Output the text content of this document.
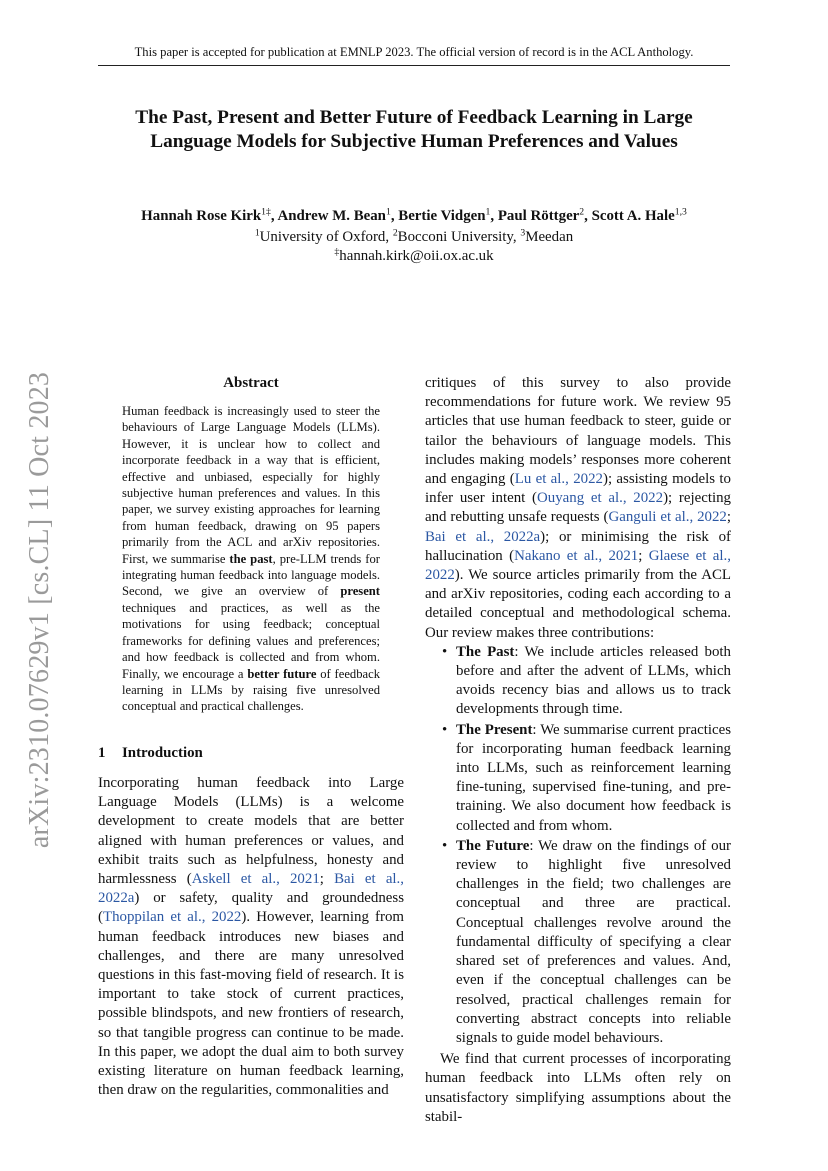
This paper is accepted for publication at EMNLP 2023. The official version of record is in the ACL Anthology.
The Past, Present and Better Future of Feedback Learning in Large
Language Models for Subjective Human Preferences and Values
Hannah Rose Kirk$^{1\ddagger}$, Andrew M. Bean$^1$, Bertie Vidgen$^1$, Paul Röttger$^2$, Scott A. Hale$^{1,3}$
$^1$University of Oxford, $^2$Bocconi University, $^3$Meedan
‡hannah.kirk@oii.ox.ac.uk
arXiv:2310.07629v1 [cs.CL] 11 Oct 2023	Abstract

Human feedback is increasingly used to steer the behaviours of Large Language Models (LLMs). However, it is unclear how to collect and incorporate feedback in a way that is efficient, effective and unbiased, especially for highly subjective human preferences and values. In this paper, we survey existing approaches for learning from human feedback, drawing on 95 papers primarily from the ACL and arXiv repositories. First, we summarise the past, pre-LLM trends for integrating human feedback into language models. Second, we give an overview of present techniques and practices, as well as the motivations for using feedback; conceptual frameworks for defining values and preferences; and how feedback is collected and from whom. Finally, we encourage a better future of feedback learning in LLMs by raising five unresolved conceptual and practical challenges.

1 Introduction

Incorporating human feedback into Large Language Models (LLMs) is a welcome development to create models that are better aligned with human preferences or values, and exhibit traits such as helpfulness, honesty and harmlessness (Askell et al., 2021; Bai et al., 2022a) or safety, quality and groundedness (Thoppilan et al., 2022). However, learning from human feedback introduces new biases and challenges, and there are many unresolved questions in this fast-moving field of research. It is important to take stock of current practices, possible blindspots, and new frontiers of research, so that tangible progress can continue to be made. In this paper, we adopt the dual aim to both survey existing literature on human feedback learning, then draw on the regularities, commonalities and

critiques of this survey to also provide recommendations for future work. We review 95 articles that use human feedback to steer, guide or tailor the behaviours of language models. This includes making models’ responses more coherent and engaging (Lu et al., 2022); assisting models to infer user intent (Ouyang et al., 2022); rejecting and rebutting unsafe requests (Ganguli et al., 2022; Bai et al., 2022a); or minimising the risk of hallucination (Nakano et al., 2021; Glaese et al., 2022). We source articles primarily from the ACL and arXiv repositories, coding each according to a detailed conceptual and methodological schema. Our review makes three contributions:

• The Past: We include articles released both before and after the advent of LLMs, which avoids recency bias and allows us to track developments through time.
• The Present: We summarise current practices for incorporating human feedback learning into LLMs, such as reinforcement learning fine-tuning, supervised fine-tuning, and pre-training. We also document how feedback is collected and from whom.
• The Future: We draw on the findings of our review to highlight five unresolved challenges in the field; two challenges are conceptual and three are practical. Conceptual challenges revolve around the fundamental difficulty of specifying a clear shared set of preferences and values. And, even if the conceptual challenges can be resolved, practical challenges remain for converting abstract concepts into reliable signals to guide model behaviours.

We find that current processes of incorporating human feedback into LLMs often rely on unsatisfactory simplifying assumptions about the stabil-
